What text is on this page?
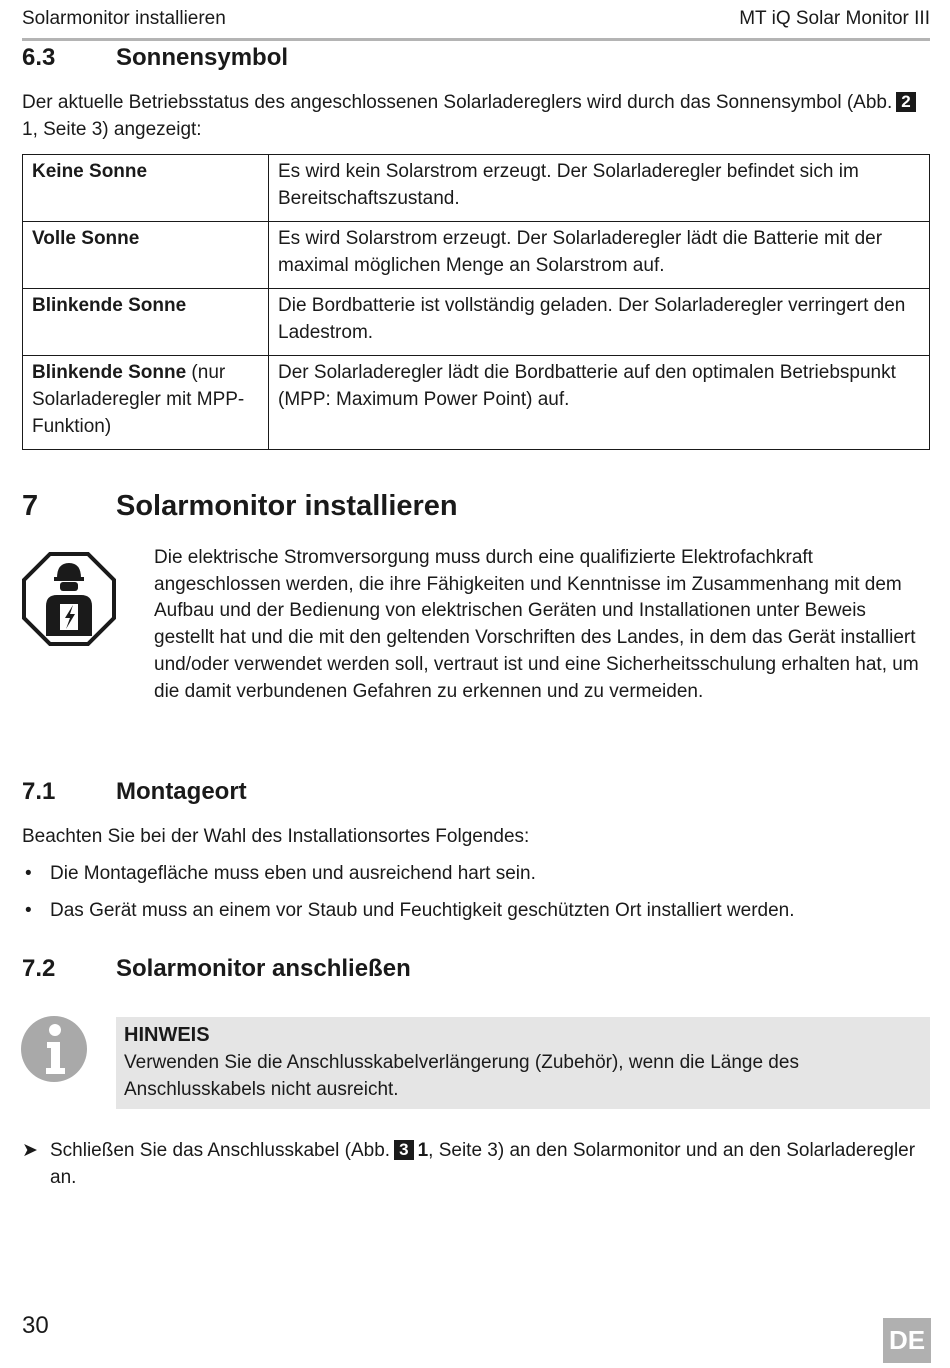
Solarmonitor installieren	MT iQ Solar Monitor III
6.3	Sonnensymbol
Der aktuelle Betriebsstatus des angeschlossenen Solarladereglers wird durch das Sonnensymbol (Abb. 21, Seite 3) angezeigt:
Keine Sonne	Es wird kein Solarstrom erzeugt. Der Solarladeregler befindet sich im Bereitschaftszustand.
Volle Sonne	Es wird Solarstrom erzeugt. Der Solarladeregler lädt die Batterie mit der maximal möglichen Menge an Solarstrom auf.
Blinkende Sonne	Die Bordbatterie ist vollständig geladen. Der Solarladeregler verringert den Ladestrom.
Blinkende Sonne (nur Solarladeregler mit MPP-Funktion)	Der Solarladeregler lädt die Bordbatterie auf den optimalen Betriebspunkt (MPP: Maximum Power Point) auf.
7	Solarmonitor installieren
Die elektrische Stromversorgung muss durch eine qualifizierte Elektrofachkraft angeschlossen werden, die ihre Fähigkeiten und Kenntnisse im Zusammenhang mit dem Aufbau und der Bedienung von elektrischen Geräten und Installationen unter Beweis gestellt hat und die mit den geltenden Vorschriften des Landes, in dem das Gerät installiert und/oder verwendet werden soll, vertraut ist und eine Sicherheitsschulung erhalten hat, um die damit verbundenen Gefahren zu erkennen und zu vermeiden.
7.1	Montageort
Beachten Sie bei der Wahl des Installationsortes Folgendes:
• Die Montagefläche muss eben und ausreichend hart sein.
• Das Gerät muss an einem vor Staub und Feuchtigkeit geschützten Ort installiert werden.
7.2	Solarmonitor anschließen
HINWEIS
Verwenden Sie die Anschlusskabelverlängerung (Zubehör), wenn die Länge des Anschlusskabels nicht ausreicht.
➤ Schließen Sie das Anschlusskabel (Abb. 3 1, Seite 3) an den Solarmonitor und an den Solarladeregler an.
30	DE
